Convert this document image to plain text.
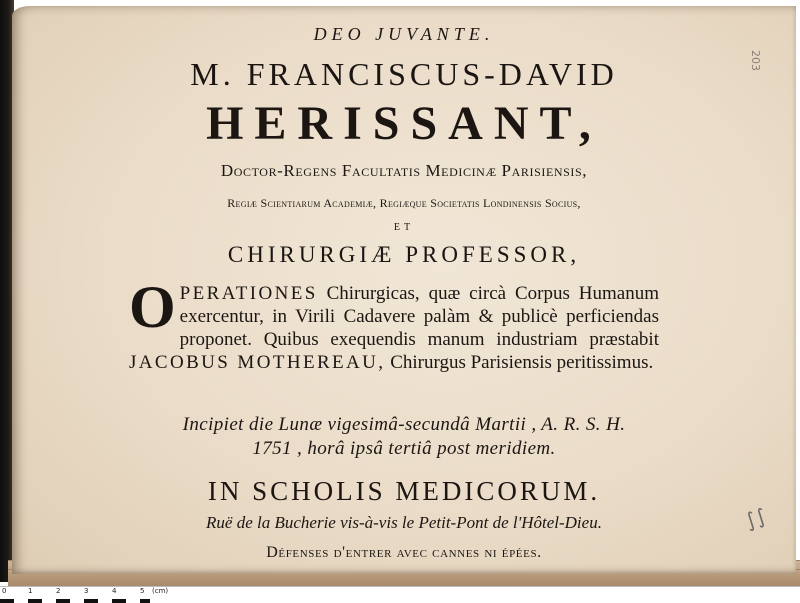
203
∫∫
DEO JUVANTE.
M. FRANCISCUS-DAVID
HERISSANT,
Doctor-Regens Facultatis Medicinæ Parisiensis,
Regiæ Scientiarum Academiæ, Regiæque Societatis Londinensis Socius,
ET
CHIRURGIÆ PROFESSOR,
O PERATIONES Chirurgicas, quæ circà Corpus Humanum exercentur, in Virili Cadavere palàm & publicè perficiendas proponet. Quibus exequendis manum industriam præstabit JACOBUS MOTHEREAU, Chirurgus Parisiensis peritissimus.
Incipiet die Lunæ vigesimâ-secundâ Martii , A. R. S. H.
1751 , horâ ipsâ tertiâ post meridiem.
IN SCHOLIS MEDICORUM.
Ruë de la Bucherie vis-à-vis le Petit-Pont de l'Hôtel-Dieu.
Défenses d'entrer avec cannes ni épées.
0	1	2	3	4	5 (cm)
